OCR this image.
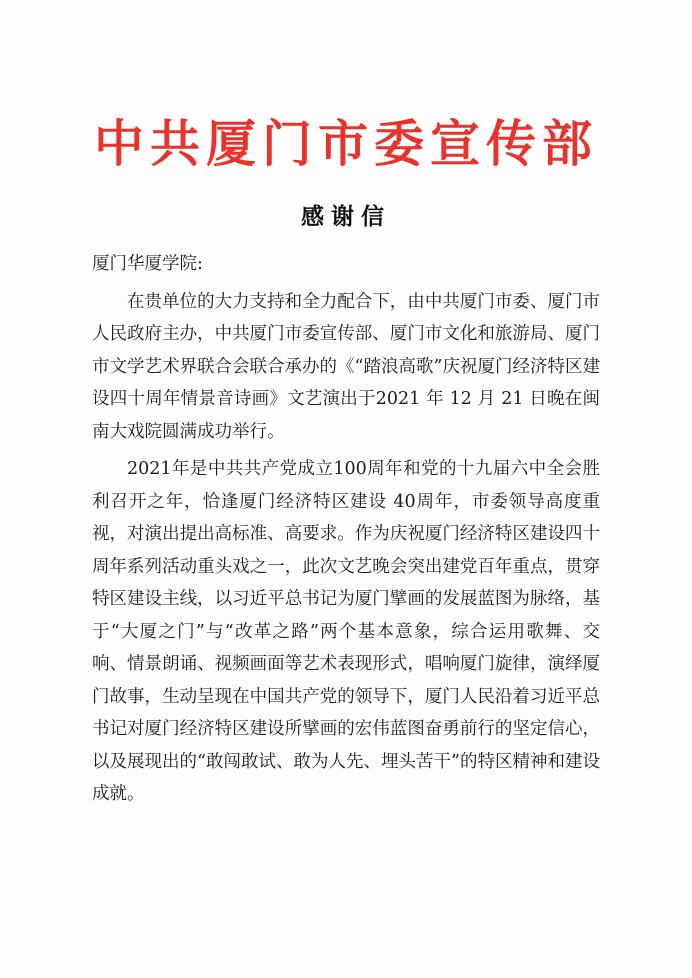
中共厦门市委宣传部
感谢信

厦门华厦学院:

在贵单位的大力支持和全力配合下，由中共厦门市委、厦门市人民政府主办，中共厦门市委宣传部、厦门市文化和旅游局、厦门市文学艺术界联合会联合承办的《“踏浪高歌”庆祝厦门经济特区建设四十周年情景音诗画》文艺演出于2021 年 12 月 21 日晚在闽南大戏院圆满成功举行。

2021年是中共共产党成立100周年和党的十九届六中全会胜利召开之年，恰逢厦门经济特区建设 40周年，市委领导高度重视，对演出提出高标准、高要求。作为庆祝厦门经济特区建设四十周年系列活动重头戏之一，此次文艺晚会突出建党百年重点，贯穿特区建设主线，以习近平总书记为厦门擘画的发展蓝图为脉络，基于“大厦之门”与“改革之路”两个基本意象，综合运用歌舞、交响、情景朗诵、视频画面等艺术表现形式，唱响厦门旋律，演绎厦门故事，生动呈现在中国共产党的领导下，厦门人民沿着习近平总书记对厦门经济特区建设所擘画的宏伟蓝图奋勇前行的坚定信心，以及展现出的“敢闯敢试、敢为人先、埋头苦干”的特区精神和建设成就。
